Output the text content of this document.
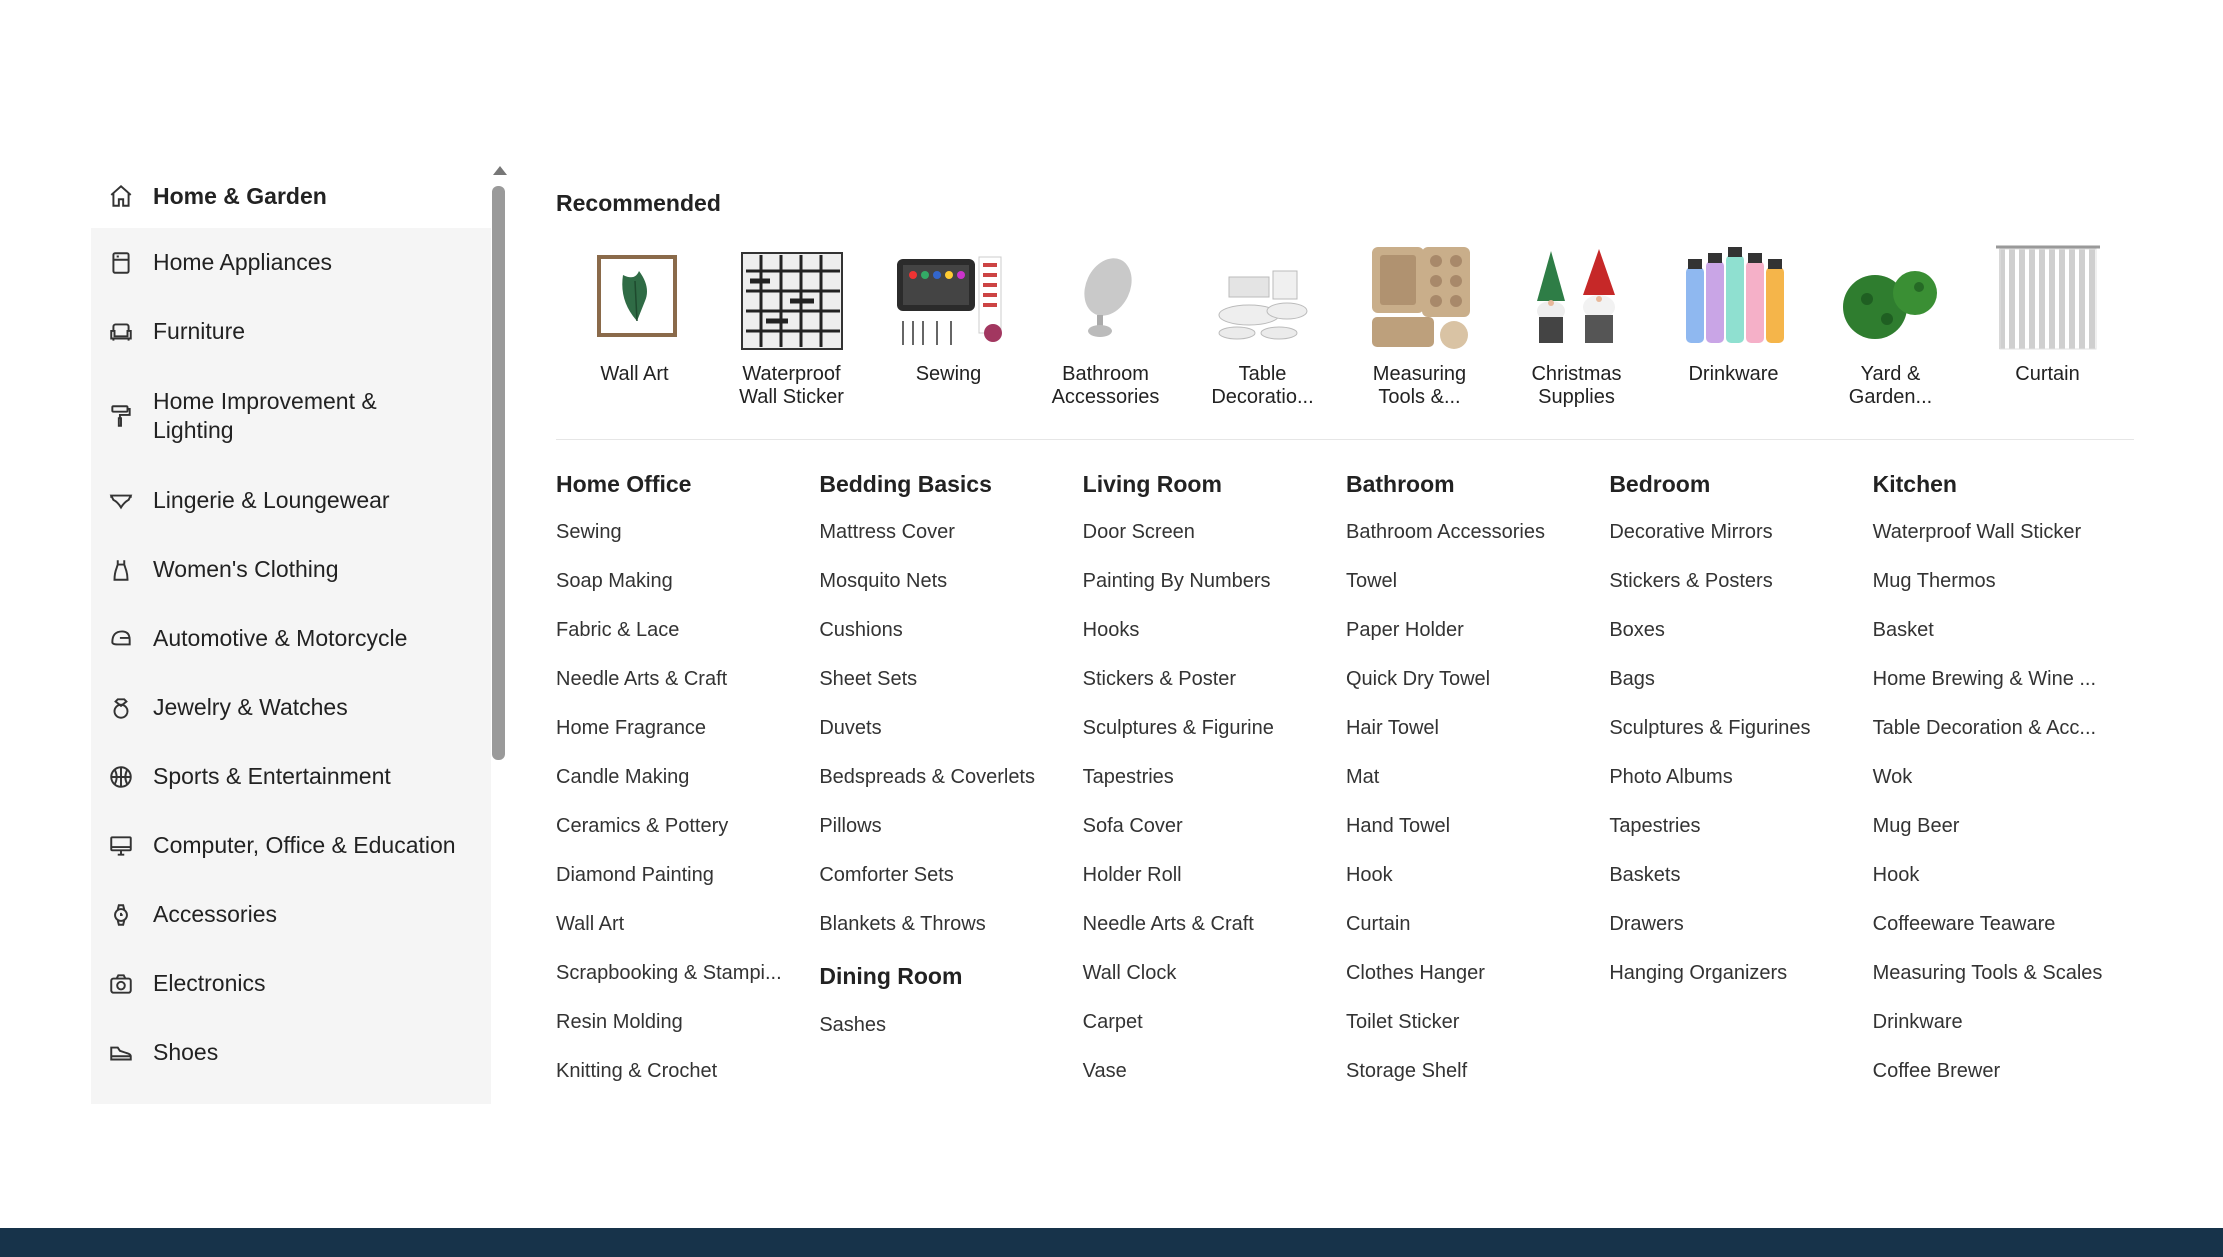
Home & Garden
Home Appliances
Furniture
Home Improvement & Lighting
Lingerie & Loungewear
Women's Clothing
Automotive & Motorcycle
Jewelry & Watches
Sports & Entertainment
Computer, Office & Education
Accessories
Electronics
Shoes
Recommended
Wall Art	Waterproof Wall Sticker
Sewing	Bathroom Accessories
Table Decoratio...
Measuring Tools &...
Christmas Supplies
Drinkware	Yard & Garden...
Curtain
Home Office
Sewing
Soap Making
Fabric & Lace
Needle Arts & Craft
Home Fragrance
Candle Making
Ceramics & Pottery
Diamond Painting
Wall Art
Scrapbooking & Stampi...
Resin Molding
Knitting & Crochet
Bedding Basics
Mattress Cover
Mosquito Nets
Cushions
Sheet Sets
Duvets
Bedspreads & Coverlets
Pillows
Comforter Sets
Blankets & Throws
Dining Room
Sashes
Living Room
Door Screen
Painting By Numbers
Hooks
Stickers & Poster
Sculptures & Figurine
Tapestries
Sofa Cover
Holder Roll
Needle Arts & Craft
Wall Clock
Carpet
Vase
Bathroom
Bathroom Accessories
Towel
Paper Holder
Quick Dry Towel
Hair Towel
Mat
Hand Towel
Hook
Curtain
Clothes Hanger
Toilet Sticker
Storage Shelf
Bedroom
Decorative Mirrors
Stickers & Posters
Boxes
Bags
Sculptures & Figurines
Photo Albums
Tapestries
Baskets
Drawers
Hanging Organizers
Kitchen
Waterproof Wall Sticker
Mug Thermos
Basket
Home Brewing & Wine ...
Table Decoration & Acc...
Wok
Mug Beer
Hook
Coffeeware Teaware
Measuring Tools & Scales
Drinkware
Coffee Brewer
